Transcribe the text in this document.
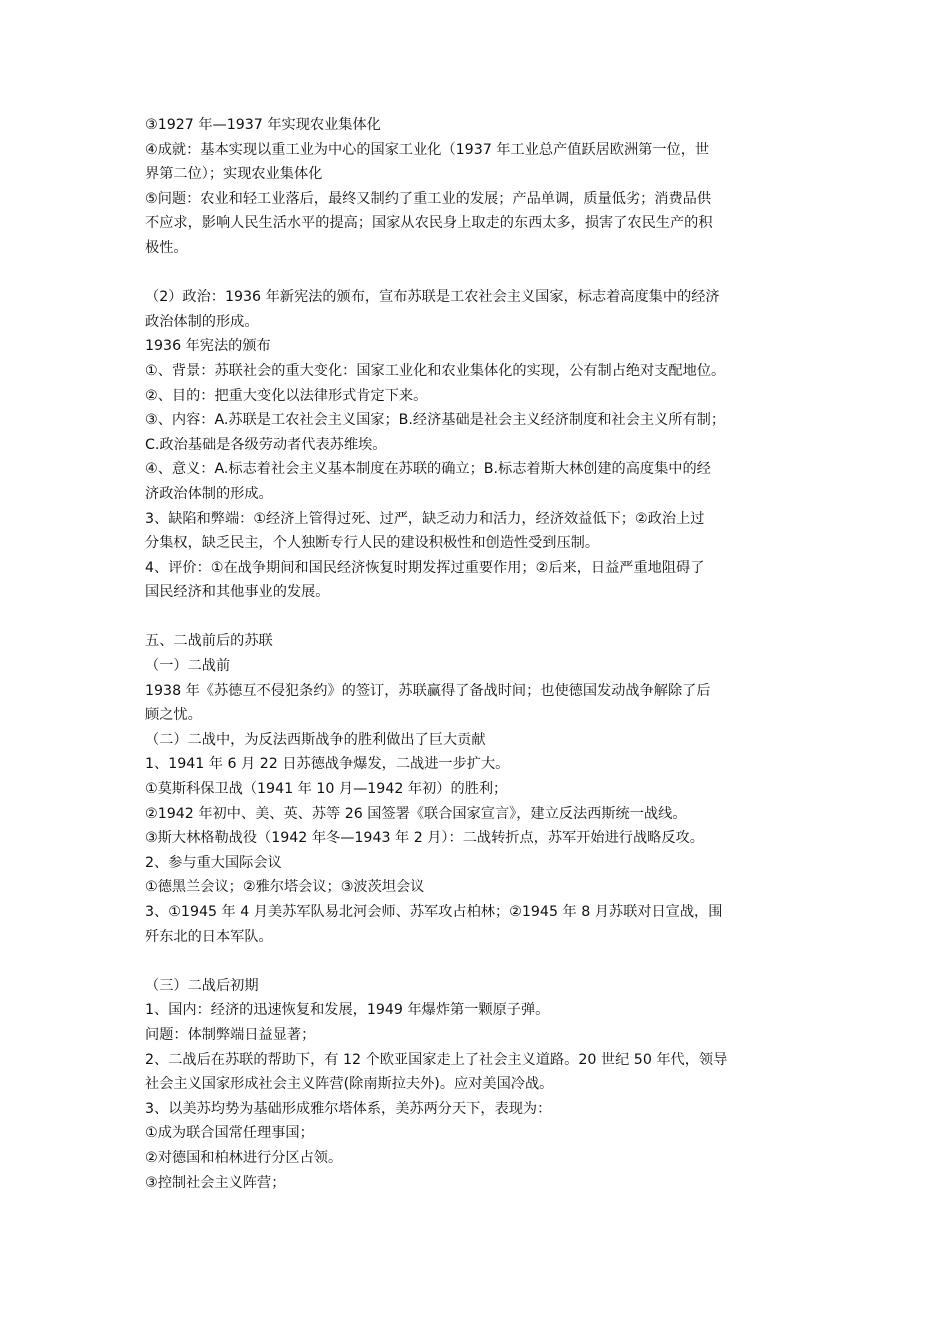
③1927 年—1937 年实现农业集体化
④成就：基本实现以重工业为中心的国家工业化（1937 年工业总产值跃居欧洲第一位，世
界第二位）；实现农业集体化
⑤问题：农业和轻工业落后，最终又制约了重工业的发展；产品单调，质量低劣；消费品供
不应求，影响人民生活水平的提高；国家从农民身上取走的东西太多，损害了农民生产的积
极性。
（2）政治：1936 年新宪法的颁布，宣布苏联是工农社会主义国家，标志着高度集中的经济
政治体制的形成。
1936 年宪法的颁布
①、背景：苏联社会的重大变化：国家工业化和农业集体化的实现，公有制占绝对支配地位。
②、目的：把重大变化以法律形式肯定下来。
③、内容：A.苏联是工农社会主义国家；B.经济基础是社会主义经济制度和社会主义所有制；
C.政治基础是各级劳动者代表苏维埃。
④、意义：A.标志着社会主义基本制度在苏联的确立；B.标志着斯大林创建的高度集中的经
济政治体制的形成。
3、缺陷和弊端：①经济上管得过死、过严，缺乏动力和活力，经济效益低下；②政治上过
分集权，缺乏民主，个人独断专行人民的建设积极性和创造性受到压制。
4、评价：①在战争期间和国民经济恢复时期发挥过重要作用；②后来，日益严重地阻碍了
国民经济和其他事业的发展。
五、二战前后的苏联
（一）二战前
1938 年《苏德互不侵犯条约》的签订，苏联赢得了备战时间；也使德国发动战争解除了后
顾之忧。
（二）二战中，为反法西斯战争的胜利做出了巨大贡献
1、1941 年 6 月 22 日苏德战争爆发，二战进一步扩大。
①莫斯科保卫战（1941 年 10 月—1942 年初）的胜利；
②1942 年初中、美、英、苏等 26 国签署《联合国家宣言》，建立反法西斯统一战线。
③斯大林格勒战役（1942 年冬—1943 年 2 月）：二战转折点，苏军开始进行战略反攻。
2、参与重大国际会议
①德黑兰会议；②雅尔塔会议；③波茨坦会议
3、①1945 年 4 月美苏军队易北河会师、苏军攻占柏林；②1945 年 8 月苏联对日宣战，围
歼东北的日本军队。
（三）二战后初期
1、国内：经济的迅速恢复和发展，1949 年爆炸第一颗原子弹。
问题：体制弊端日益显著；
2、二战后在苏联的帮助下，有 12 个欧亚国家走上了社会主义道路。20 世纪 50 年代，领导
社会主义国家形成社会主义阵营(除南斯拉夫外)。应对美国冷战。
3、以美苏均势为基础形成雅尔塔体系，美苏两分天下，表现为：
①成为联合国常任理事国；
②对德国和柏林进行分区占领。
③控制社会主义阵营；
